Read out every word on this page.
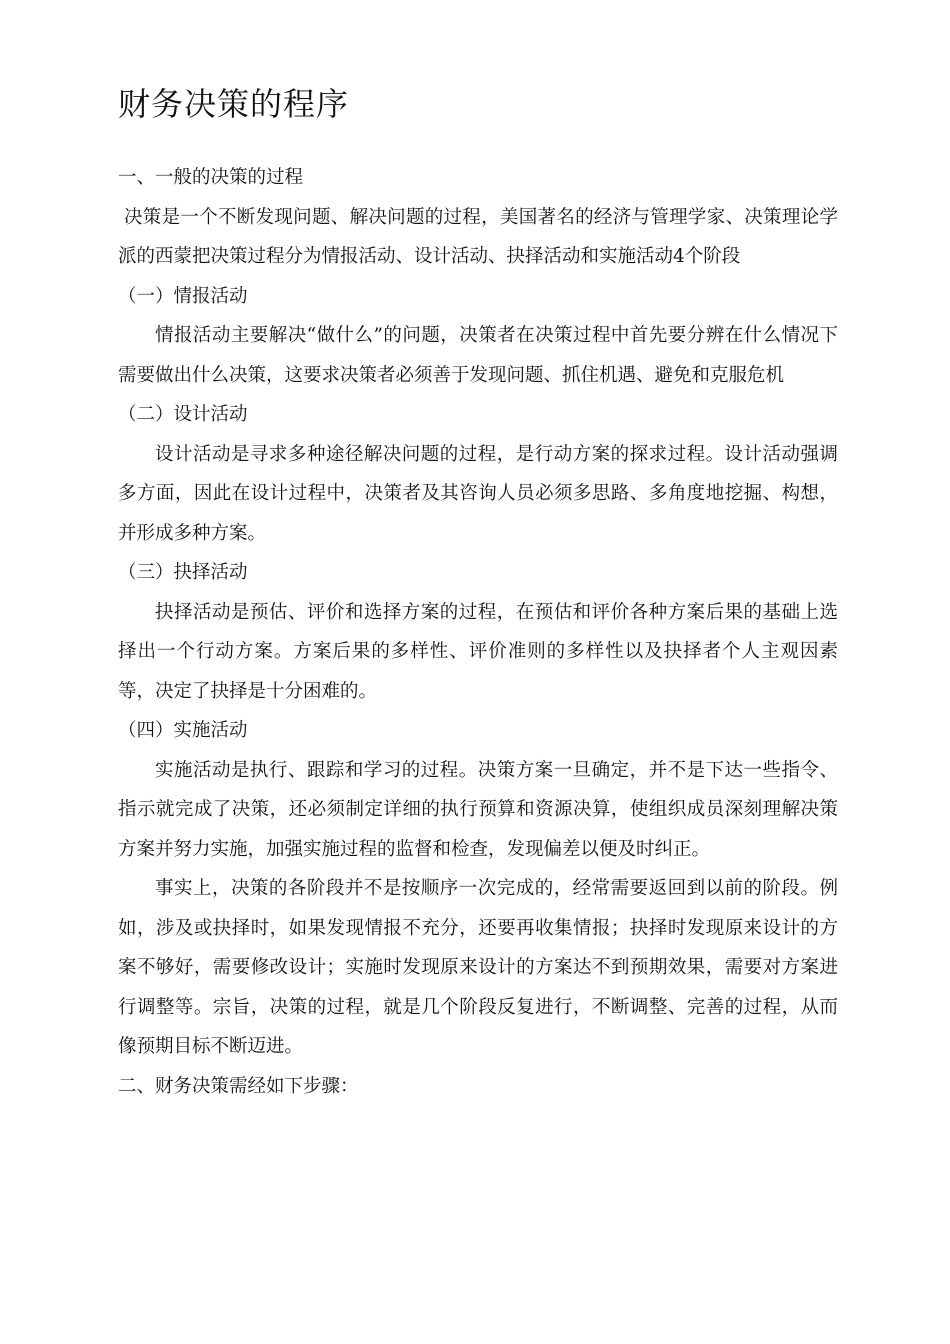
财务决策的程序

一、一般的决策的过程

决策是一个不断发现问题、解决问题的过程，美国著名的经济与管理学家、决策理论学派的西蒙把决策过程分为情报活动、设计活动、抉择活动和实施活动4个阶段

（一）情报活动

情报活动主要解决“做什么”的问题，决策者在决策过程中首先要分辨在什么情况下需要做出什么决策，这要求决策者必须善于发现问题、抓住机遇、避免和克服危机

（二）设计活动

设计活动是寻求多种途径解决问题的过程，是行动方案的探求过程。设计活动强调多方面，因此在设计过程中，决策者及其咨询人员必须多思路、多角度地挖掘、构想，并形成多种方案。

（三）抉择活动

抉择活动是预估、评价和选择方案的过程，在预估和评价各种方案后果的基础上选择出一个行动方案。方案后果的多样性、评价准则的多样性以及抉择者个人主观因素等，决定了抉择是十分困难的。

（四）实施活动

实施活动是执行、跟踪和学习的过程。决策方案一旦确定，并不是下达一些指令、指示就完成了决策，还必须制定详细的执行预算和资源决算，使组织成员深刻理解决策方案并努力实施，加强实施过程的监督和检查，发现偏差以便及时纠正。

事实上，决策的各阶段并不是按顺序一次完成的，经常需要返回到以前的阶段。例如，涉及或抉择时，如果发现情报不充分，还要再收集情报；抉择时发现原来设计的方案不够好，需要修改设计；实施时发现原来设计的方案达不到预期效果，需要对方案进行调整等。宗旨，决策的过程，就是几个阶段反复进行，不断调整、完善的过程，从而像预期目标不断迈进。

二、财务决策需经如下步骤：
